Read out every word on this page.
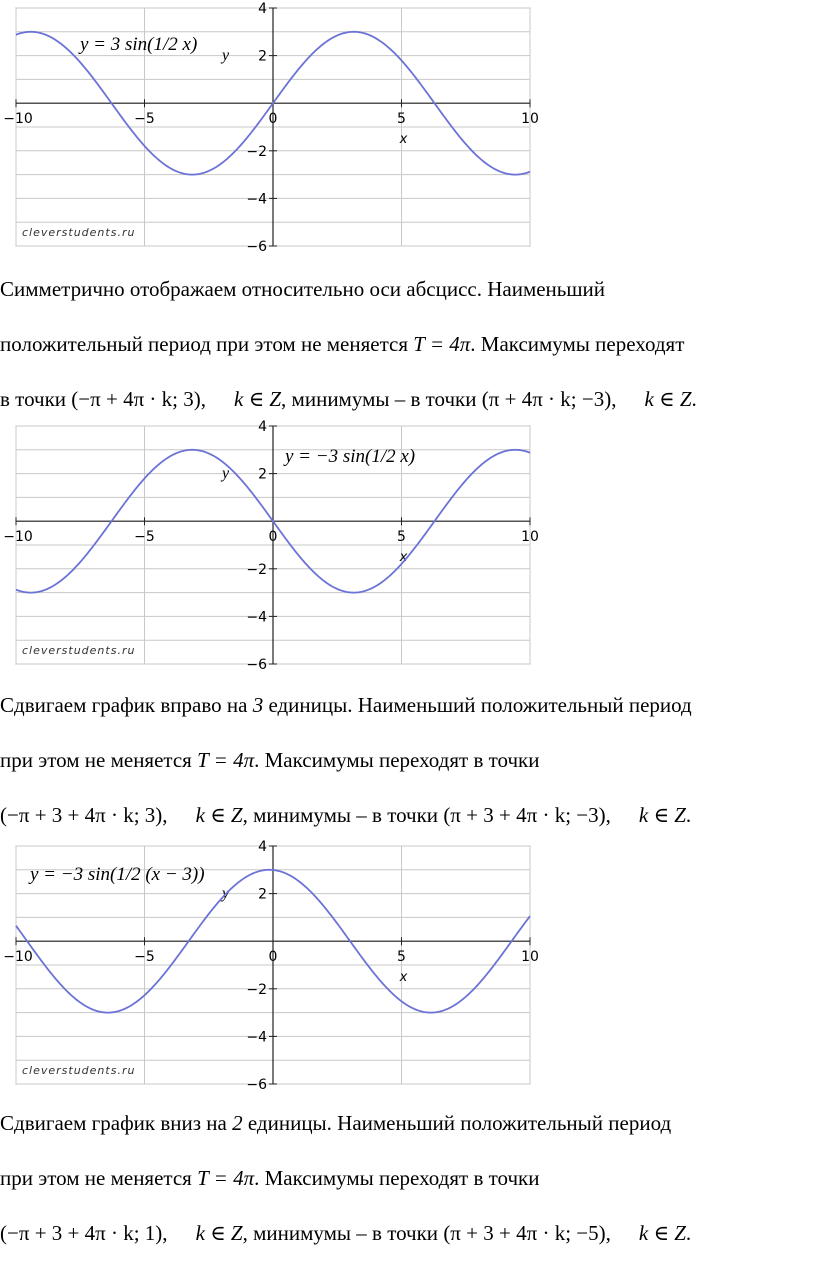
−10	−5	0	5	10
4
2
−2
−4
−6
x
y
y = 3 sin(1/2 x)
cleverstudents.ru
Симметрично отображаем относительно оси абсцисс. Наименьший
положительный период при этом не меняется T = 4π. Максимумы переходят
в точки (−π + 4π · k; 3), k ∈ Z, минимумы – в точки (π + 4π · k; −3), k ∈ Z.
−10	−5	0	5	10
4
2
−2
−4
−6
x
y
y = −3 sin(1/2 x)
cleverstudents.ru
Сдвигаем график вправо на 3 единицы. Наименьший положительный период
при этом не меняется T = 4π. Максимумы переходят в точки
(−π + 3 + 4π · k; 3), k ∈ Z, минимумы – в точки (π + 3 + 4π · k; −3), k ∈ Z.
−10	−5	0	5	10
4
2
−2
−4
−6
x
y
y = −3 sin(1/2 (x − 3))
cleverstudents.ru
Сдвигаем график вниз на 2 единицы. Наименьший положительный период
при этом не меняется T = 4π. Максимумы переходят в точки
(−π + 3 + 4π · k; 1), k ∈ Z, минимумы – в точки (π + 3 + 4π · k; −5), k ∈ Z.
